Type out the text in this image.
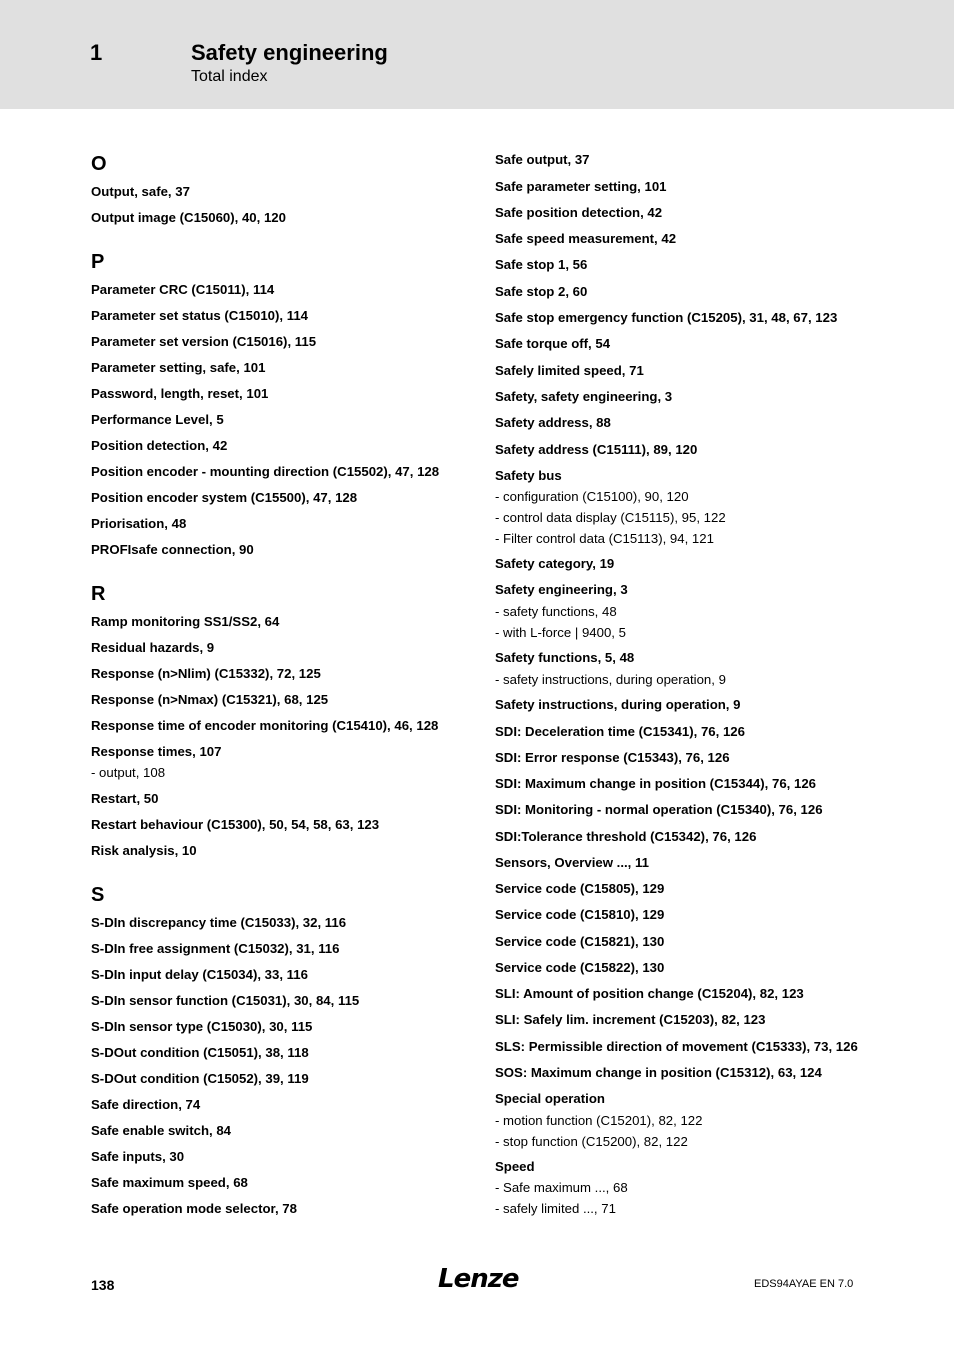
1	Safety engineering
Total index
O
Output, safe, 37
Output image (C15060), 40, 120
P
Parameter CRC (C15011), 114
Parameter set status (C15010), 114
Parameter set version (C15016), 115
Parameter setting, safe, 101
Password, length, reset, 101
Performance Level, 5
Position detection, 42
Position encoder - mounting direction (C15502), 47, 128
Position encoder system (C15500), 47, 128
Priorisation, 48
PROFIsafe connection, 90
R
Ramp monitoring SS1/SS2, 64
Residual hazards, 9
Response (n>Nlim) (C15332), 72, 125
Response (n>Nmax) (C15321), 68, 125
Response time of encoder monitoring (C15410), 46, 128
Response times, 107
- output, 108
Restart, 50
Restart behaviour (C15300), 50, 54, 58, 63, 123
Risk analysis, 10
S
S-DIn discrepancy time (C15033), 32, 116
S-DIn free assignment (C15032), 31, 116
S-DIn input delay (C15034), 33, 116
S-DIn sensor function (C15031), 30, 84, 115
S-DIn sensor type (C15030), 30, 115
S-DOut condition (C15051), 38, 118
S-DOut condition (C15052), 39, 119
Safe direction, 74
Safe enable switch, 84
Safe inputs, 30
Safe maximum speed, 68
Safe operation mode selector, 78
Safe output, 37
Safe parameter setting, 101
Safe position detection, 42
Safe speed measurement, 42
Safe stop 1, 56
Safe stop 2, 60
Safe stop emergency function (C15205), 31, 48, 67, 123
Safe torque off, 54
Safely limited speed, 71
Safety, safety engineering, 3
Safety address, 88
Safety address (C15111), 89, 120
Safety bus
- configuration (C15100), 90, 120
- control data display (C15115), 95, 122
- Filter control data (C15113), 94, 121
Safety category, 19
Safety engineering, 3
- safety functions, 48
- with L-force | 9400, 5
Safety functions, 5, 48
- safety instructions, during operation, 9
Safety instructions, during operation, 9
SDI: Deceleration time (C15341), 76, 126
SDI: Error response (C15343), 76, 126
SDI: Maximum change in position (C15344), 76, 126
SDI: Monitoring - normal operation (C15340), 76, 126
SDI:Tolerance threshold (C15342), 76, 126
Sensors, Overview ..., 11
Service code (C15805), 129
Service code (C15810), 129
Service code (C15821), 130
Service code (C15822), 130
SLI: Amount of position change (C15204), 82, 123
SLI: Safely lim. increment (C15203), 82, 123
SLS: Permissible direction of movement (C15333), 73, 126
SOS: Maximum change in position (C15312), 63, 124
Special operation
- motion function (C15201), 82, 122
- stop function (C15200), 82, 122
Speed
- Safe maximum ..., 68
- safely limited ..., 71
138	Lenze	EDS94AYAE EN 7.0
